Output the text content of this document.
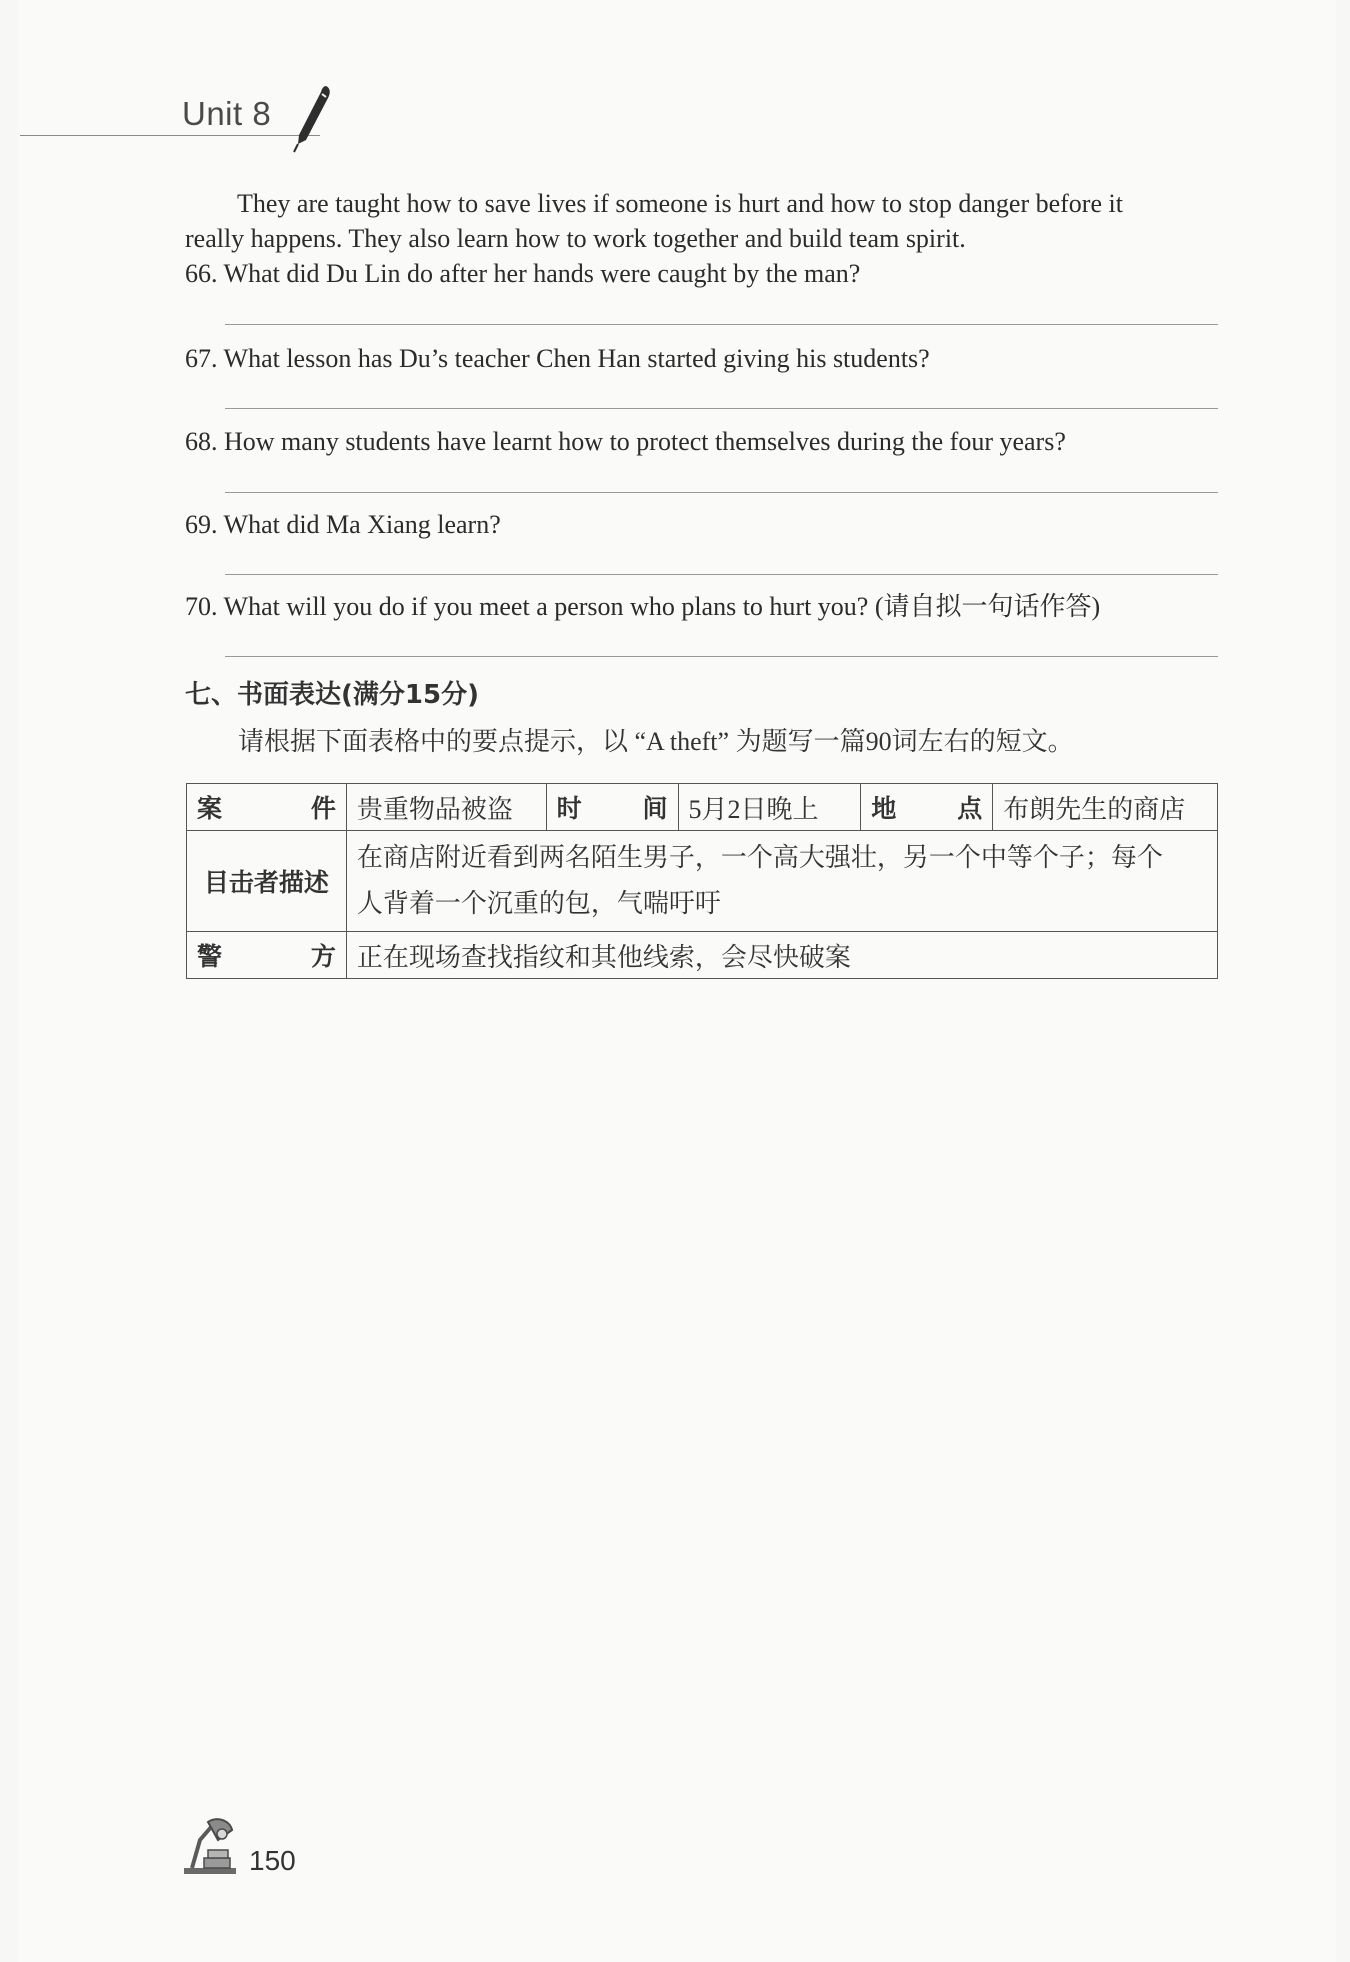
Unit 8
They are taught how to save lives if someone is hurt and how to stop danger before it
really happens. They also learn how to work together and build team spirit.
66. What did Du Lin do after her hands were caught by the man?
67. What lesson has Du’s teacher Chen Han started giving his students?
68. How many students have learnt how to protect themselves during the four years?
69. What did Ma Xiang learn?
70. What will you do if you meet a person who plans to hurt you? (请自拟一句话作答)
七、书面表达(满分15分)
请根据下面表格中的要点提示，以 “A theft” 为题写一篇90词左右的短文。
案　件	贵重物品被盗	时　间	5月2日晚上	地　点	布朗先生的商店
目击者描述	在商店附近看到两名陌生男子，一个高大强壮，另一个中等个子；每个
人背着一个沉重的包，气喘吁吁				

警　方	正在现场查找指纹和其他线索，会尽快破案				
150
